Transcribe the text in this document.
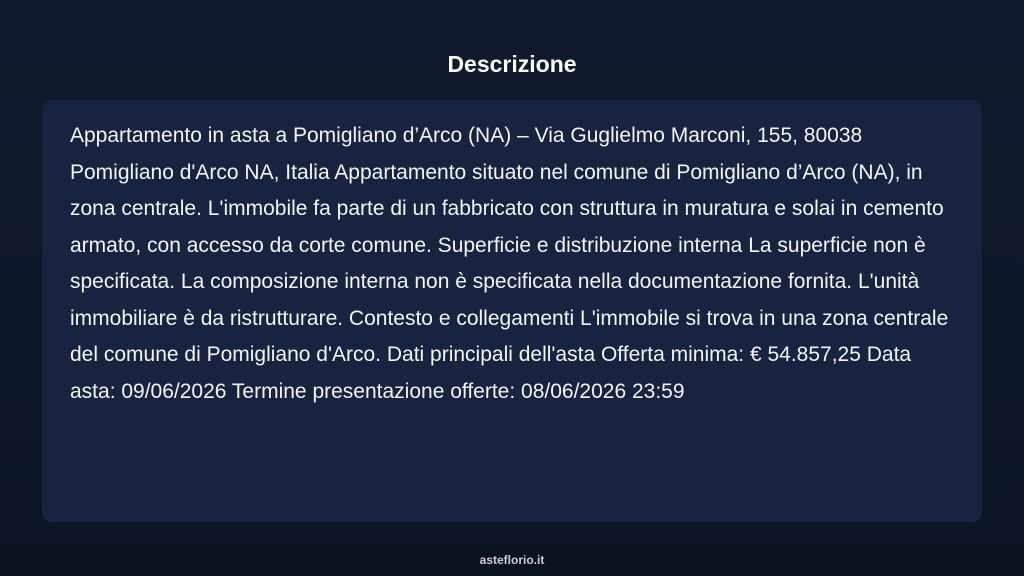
Descrizione

Appartamento in asta a Pomigliano d’Arco (NA) – Via Guglielmo Marconi, 155, 80038 Pomigliano d'Arco NA, Italia Appartamento situato nel comune di Pomigliano d’Arco (NA), in zona centrale. L'immobile fa parte di un fabbricato con struttura in muratura e solai in cemento armato, con accesso da corte comune. Superficie e distribuzione interna La superficie non è specificata. La composizione interna non è specificata nella documentazione fornita. L'unità immobiliare è da ristrutturare. Contesto e collegamenti L'immobile si trova in una zona centrale del comune di Pomigliano d'Arco. Dati principali dell'asta Offerta minima: € 54.857,25 Data asta: 09/06/2026 Termine presentazione offerte: 08/06/2026 23:59

asteflorio.it
